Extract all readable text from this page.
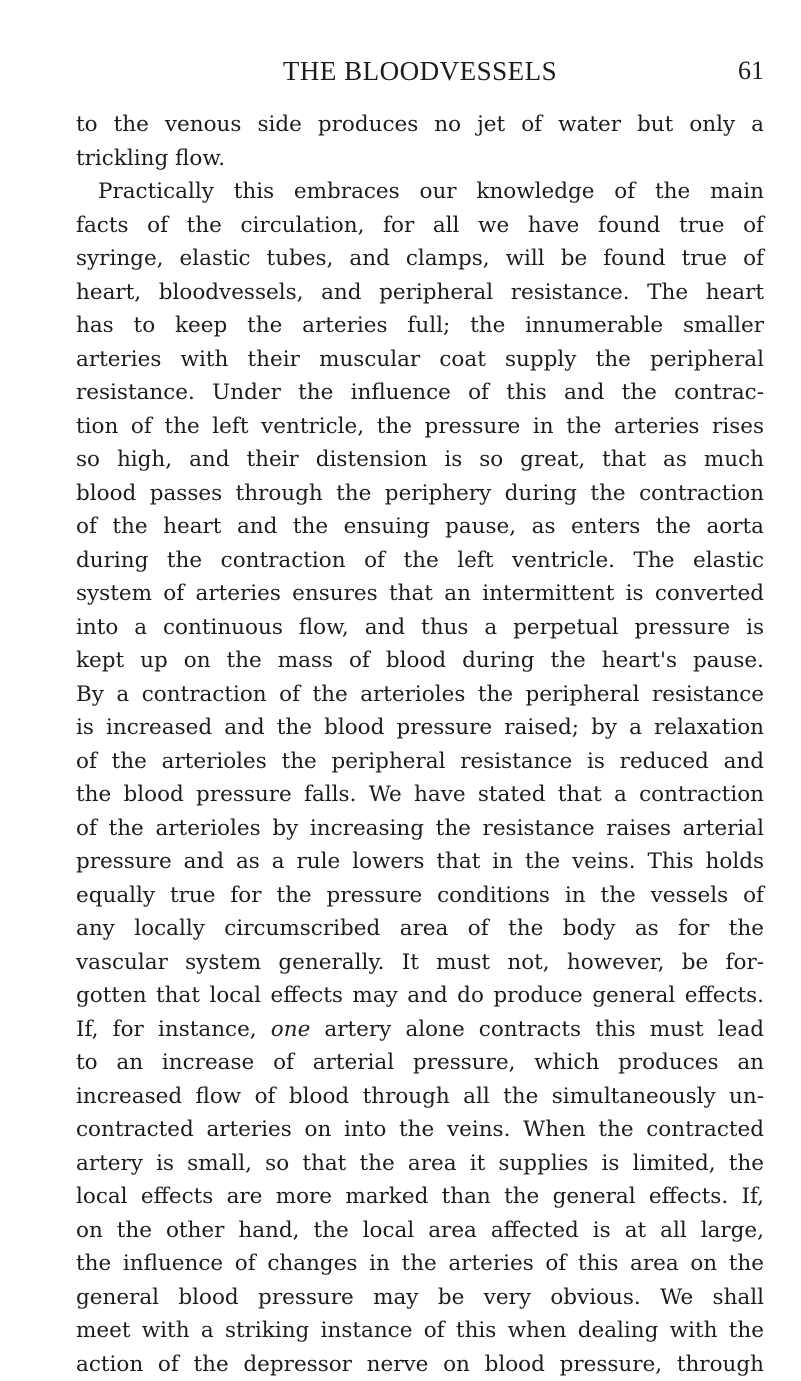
THE BLOODVESSELS	61
to the venous side produces no jet of water but only a
trickling flow.
Practically this embraces our knowledge of the main
facts of the circulation, for all we have found true of
syringe, elastic tubes, and clamps, will be found true of
heart, bloodvessels, and peripheral resistance. The heart
has to keep the arteries full; the innumerable smaller
arteries with their muscular coat supply the peripheral
resistance. Under the influence of this and the contrac-
tion of the left ventricle, the pressure in the arteries rises
so high, and their distension is so great, that as much
blood passes through the periphery during the contraction
of the heart and the ensuing pause, as enters the aorta
during the contraction of the left ventricle. The elastic
system of arteries ensures that an intermittent is converted
into a continuous flow, and thus a perpetual pressure is
kept up on the mass of blood during the heart's pause.
By a contraction of the arterioles the peripheral resistance
is increased and the blood pressure raised; by a relaxation
of the arterioles the peripheral resistance is reduced and
the blood pressure falls. We have stated that a contraction
of the arterioles by increasing the resistance raises arterial
pressure and as a rule lowers that in the veins. This holds
equally true for the pressure conditions in the vessels of
any locally circumscribed area of the body as for the
vascular system generally. It must not, however, be for-
gotten that local effects may and do produce general effects.
If, for instance, one artery alone contracts this must lead
to an increase of arterial pressure, which produces an
increased flow of blood through all the simultaneously un-
contracted arteries on into the veins. When the contracted
artery is small, so that the area it supplies is limited, the
local effects are more marked than the general effects. If,
on the other hand, the local area affected is at all large,
the influence of changes in the arteries of this area on the
general blood pressure may be very obvious. We shall
meet with a striking instance of this when dealing with the
action of the depressor nerve on blood pressure, through
